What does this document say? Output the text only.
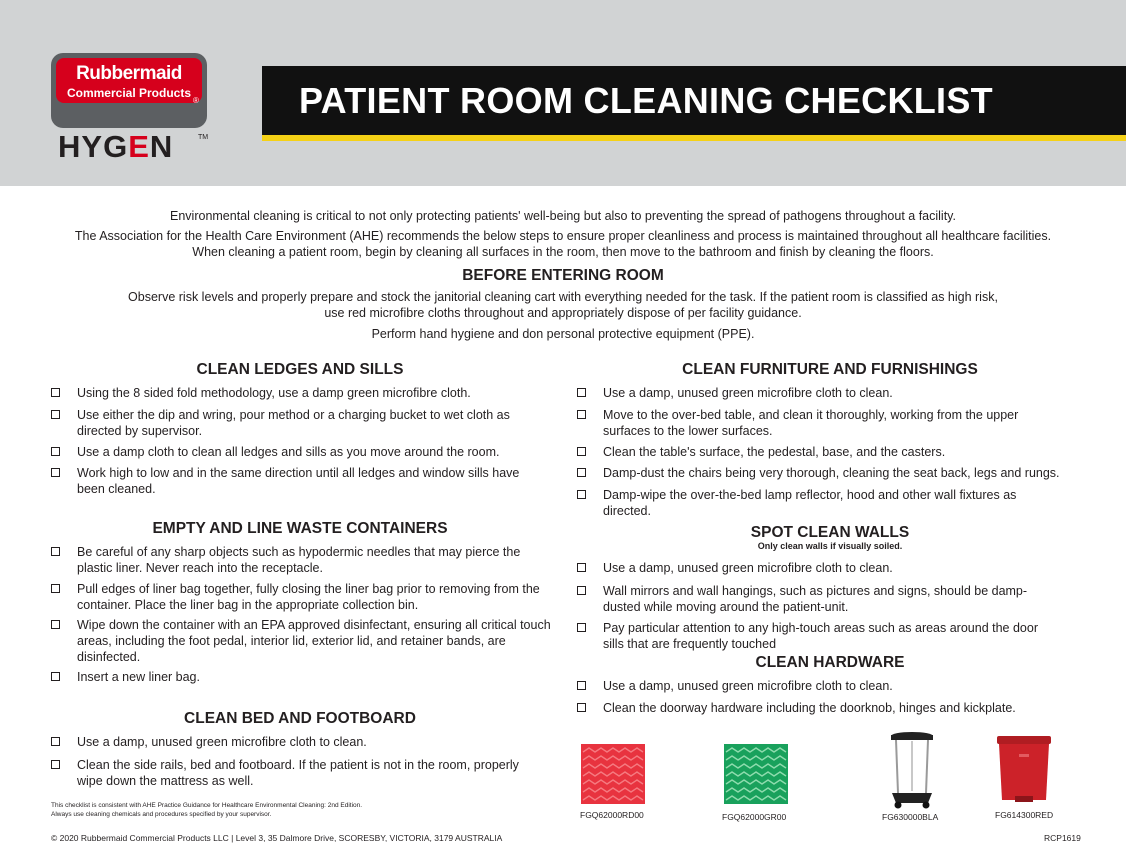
Rubbermaid
Commercial Products
®
HYGEN	TM
PATIENT ROOM CLEANING CHECKLIST
Environmental cleaning is critical to not only protecting patients' well-being but also to preventing the spread of pathogens throughout a facility.
The Association for the Health Care Environment (AHE) recommends the below steps to ensure proper cleanliness and process is maintained throughout all healthcare facilities.
When cleaning a patient room, begin by cleaning all surfaces in the room, then move to the bathroom and finish by cleaning the floors.
BEFORE ENTERING ROOM
Observe risk levels and properly prepare and stock the janitorial cleaning cart with everything needed for the task. If the patient room is classified as high risk,
use red microfibre cloths throughout and appropriately dispose of per facility guidance.
Perform hand hygiene and don personal protective equipment (PPE).
CLEAN LEDGES AND SILLS
Using the 8 sided fold methodology, use a damp green microfibre cloth.
Use either the dip and wring, pour method or a charging bucket to wet cloth as directed by supervisor.
Use a damp cloth to clean all ledges and sills as you move around the room.
Work high to low and in the same direction until all ledges and window sills have been cleaned.
EMPTY AND LINE WASTE CONTAINERS
Be careful of any sharp objects such as hypodermic needles that may pierce the plastic liner. Never reach into the receptacle.
Pull edges of liner bag together, fully closing the liner bag prior to removing from the container. Place the liner bag in the appropriate collection bin.
Wipe down the container with an EPA approved disinfectant, ensuring all critical touch areas, including the foot pedal, interior lid, exterior lid, and retainer bands, are disinfected.
Insert a new liner bag.
CLEAN BED AND FOOTBOARD
Use a damp, unused green microfibre cloth to clean.
Clean the side rails, bed and footboard. If the patient is not in the room, properly wipe down the mattress as well.
CLEAN FURNITURE AND FURNISHINGS
Use a damp, unused green microfibre cloth to clean.
Move to the over-bed table, and clean it thoroughly, working from the upper surfaces to the lower surfaces.
Clean the table's surface, the pedestal, base, and the casters.
Damp-dust the chairs being very thorough, cleaning the seat back, legs and rungs.
Damp-wipe the over-the-bed lamp reflector, hood and other wall fixtures as directed.
SPOT CLEAN WALLS
Only clean walls if visually soiled.
Use a damp, unused green microfibre cloth to clean.
Wall mirrors and wall hangings, such as pictures and signs, should be damp-dusted while moving around the patient-unit.
Pay particular attention to any high-touch areas such as areas around the door sills that are frequently touched
CLEAN HARDWARE
Use a damp, unused green microfibre cloth to clean.
Clean the doorway hardware including the doorknob, hinges and kickplate.
FGQ62000RD00	FGQ62000GR00	FG630000BLA	FG614300RED
This checklist is consistent with AHE Practice Guidance for Healthcare Environmental Cleaning: 2nd Edition.
Always use cleaning chemicals and procedures specified by your supervisor.
© 2020 Rubbermaid Commercial Products LLC | Level 3, 35 Dalmore Drive, SCORESBY, VICTORIA, 3179 AUSTRALIA	RCP1619
